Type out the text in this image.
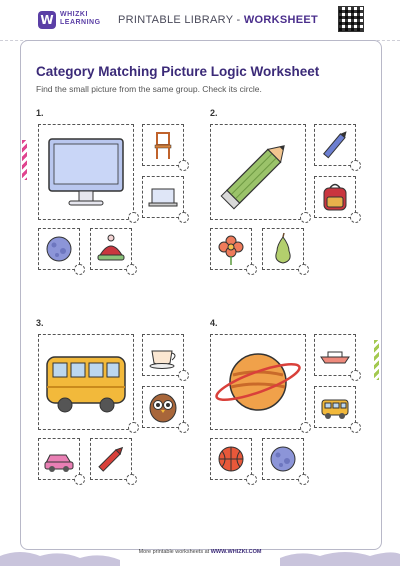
W WHIZKI
LEARNING PRINTABLE LIBRARY - WORKSHEET
Category Matching Picture Logic Worksheet
Find the small picture from the same group. Check its circle.
1.	2.
3.	4.
More printable worksheets at WWW.WHIZKI.COM
